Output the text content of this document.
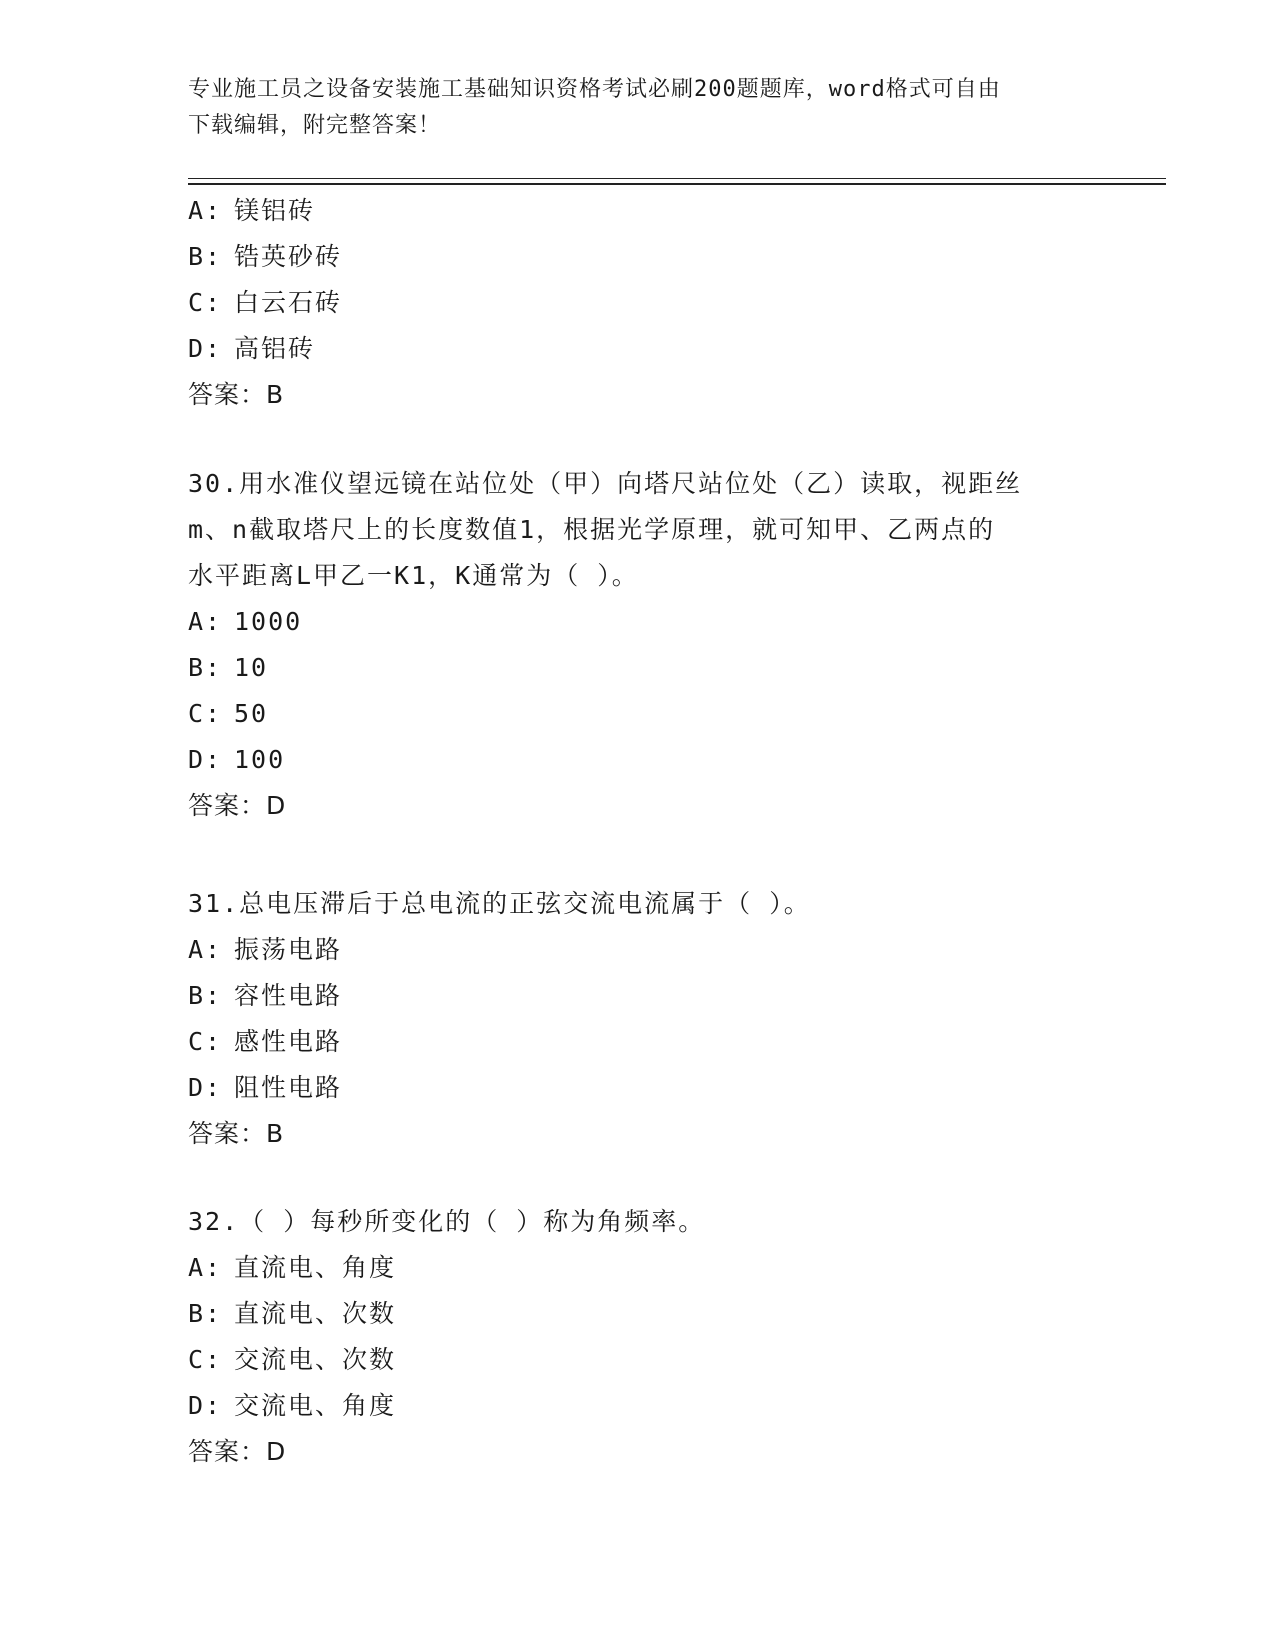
专业施工员之设备安装施工基础知识资格考试必刷200题题库，word格式可自由
下载编辑，附完整答案！
A: 镁铝砖
B: 锆英砂砖
C: 白云石砖
D: 高铝砖
答案：B
30.用水准仪望远镜在站位处（甲）向塔尺站位处（乙）读取，视距丝
m、n截取塔尺上的长度数值1，根据光学原理，就可知甲、乙两点的
水平距离L甲乙一K1，K通常为（ ）。
A: 1000
B: 10
C: 50
D: 100
答案：D
31.总电压滞后于总电流的正弦交流电流属于（ ）。
A: 振荡电路
B: 容性电路
C: 感性电路
D: 阻性电路
答案：B
32.（ ）每秒所变化的（ ）称为角频率。
A: 直流电、角度
B: 直流电、次数
C: 交流电、次数
D: 交流电、角度
答案：D
